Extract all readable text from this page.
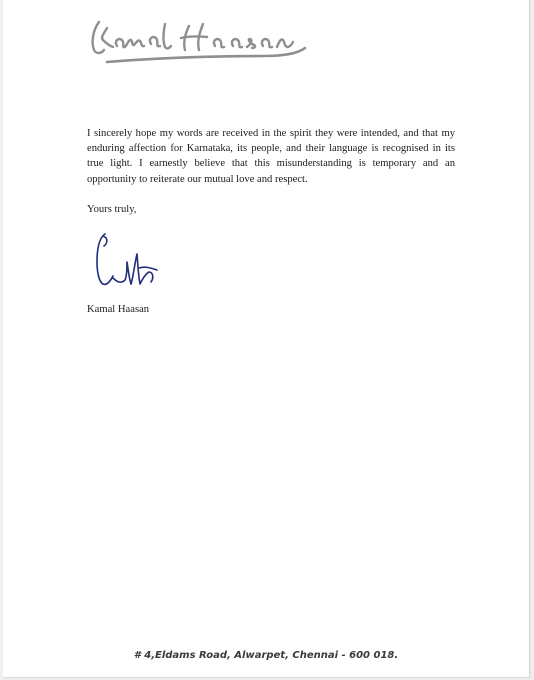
I sincerely hope my words are received in the spirit they were intended, and that my enduring affection for Karnataka, its people, and their language is recognised in its true light. I earnestly believe that this misunderstanding is temporary and an opportunity to reiterate our mutual love and respect.

Yours truly,

Kamal Haasan

# 4,Eldams Road, Alwarpet, Chennai - 600 018.
